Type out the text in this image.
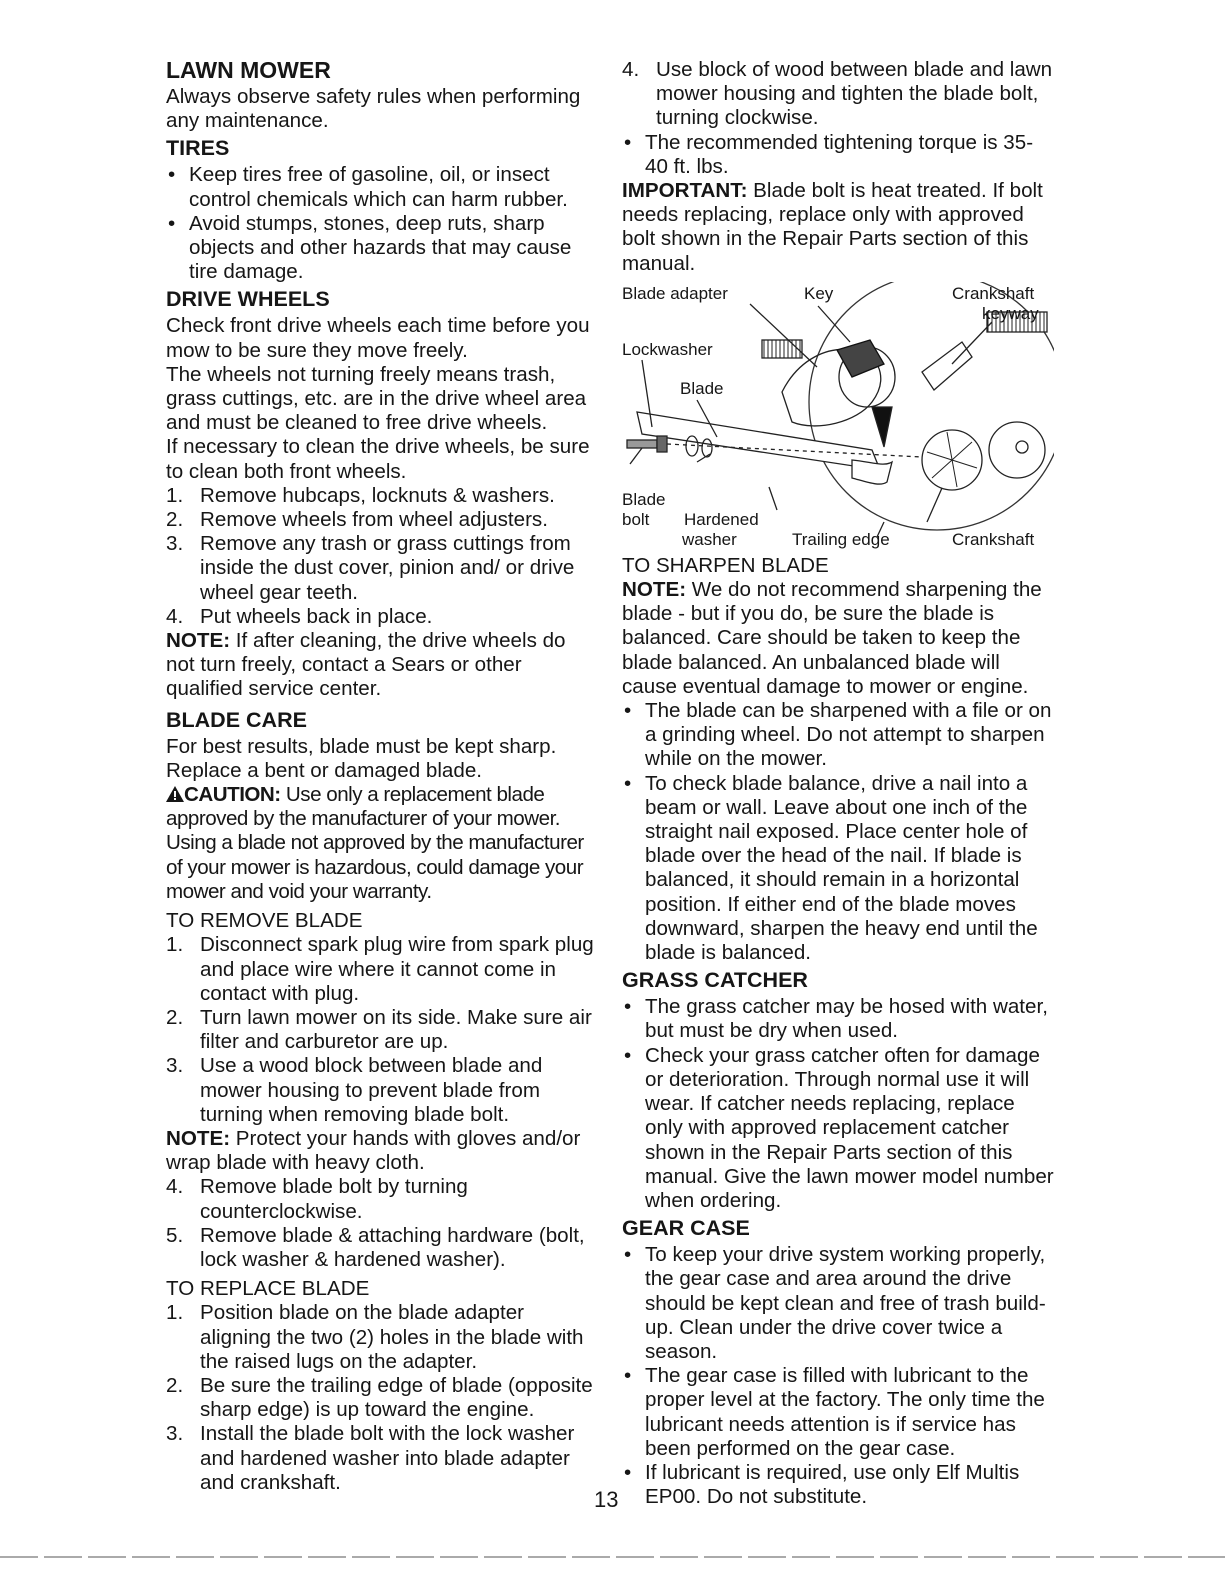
LAWN MOWER

Always observe safety rules when performing any maintenance.

TIRES
• Keep tires free of gasoline, oil, or insect control chemicals which can harm rubber.
• Avoid stumps, stones, deep ruts, sharp objects and other hazards that may cause tire damage.
DRIVE WHEELS

Check front drive wheels each time before you mow to be sure they move freely.

The wheels not turning freely means trash, grass cuttings, etc. are in the drive wheel area and must be cleaned to free drive wheels.

If necessary to clean the drive wheels, be sure to clean both front wheels.

1. Remove hubcaps, locknuts & washers.
2. Remove wheels from wheel adjusters.
3. Remove any trash or grass cuttings from inside the dust cover, pinion and/ or drive wheel gear teeth.
4. Put wheels back in place.

NOTE: If after cleaning, the drive wheels do not turn freely, contact a Sears or other qualified service center.

BLADE CARE

For best results, blade must be kept sharp. Replace a bent or damaged blade.

CAUTION: Use only a replacement blade approved by the manufacturer of your mower. Using a blade not approved by the manufacturer of your mower is hazardous, could damage your mower and void your warranty.

TO REMOVE BLADE
1. Disconnect spark plug wire from spark plug and place wire where it cannot come in contact with plug.
2. Turn lawn mower on its side. Make sure air filter and carburetor are up.
3. Use a wood block between blade and mower housing to prevent blade from turning when removing blade bolt.

NOTE: Protect your hands with gloves and/or wrap blade with heavy cloth.

4. Remove blade bolt by turning counterclockwise.
5. Remove blade & attaching hardware (bolt, lock washer & hardened washer).
TO REPLACE BLADE
1. Position blade on the blade adapter aligning the two (2) holes in the blade with the raised lugs on the adapter.
2. Be sure the trailing edge of blade (opposite sharp edge) is up toward the engine.
3. Install the blade bolt with the lock washer and hardened washer into blade adapter and crankshaft.
4. Use block of wood between blade and lawn mower housing and tighten the blade bolt, turning clockwise.
• The recommended tightening torque is 35-40 ft. lbs.

IMPORTANT: Blade bolt is heat treated. If bolt needs replacing, replace only with approved bolt shown in the Repair Parts section of this manual.

Blade adapter	Key	Crankshaft
keyway
Lockwasher
Blade
Blade
bolt Hardened
washer	Trailing edge	Crankshaft
TO SHARPEN BLADE

NOTE: We do not recommend sharpening the blade - but if you do, be sure the blade is balanced. Care should be taken to keep the blade balanced. An unbalanced blade will cause eventual damage to mower or engine.

• The blade can be sharpened with a file or on a grinding wheel. Do not attempt to sharpen while on the mower.
• To check blade balance, drive a nail into a beam or wall. Leave about one inch of the straight nail exposed. Place center hole of blade over the head of the nail. If blade is balanced, it should remain in a horizontal position. If either end of the blade moves downward, sharpen the heavy end until the blade is balanced.
GRASS CATCHER
• The grass catcher may be hosed with water, but must be dry when used.
• Check your grass catcher often for damage or deterioration. Through normal use it will wear. If catcher needs replacing, replace only with approved replacement catcher shown in the Repair Parts section of this manual. Give the lawn mower model number when ordering.
GEAR CASE
• To keep your drive system working properly, the gear case and area around the drive should be kept clean and free of trash build-up. Clean under the drive cover twice a season.
• The gear case is filled with lubricant to the proper level at the factory. The only time the lubricant needs attention is if service has been performed on the gear case.
• If lubricant is required, use only Elf Multis EP00. Do not substitute.
13
